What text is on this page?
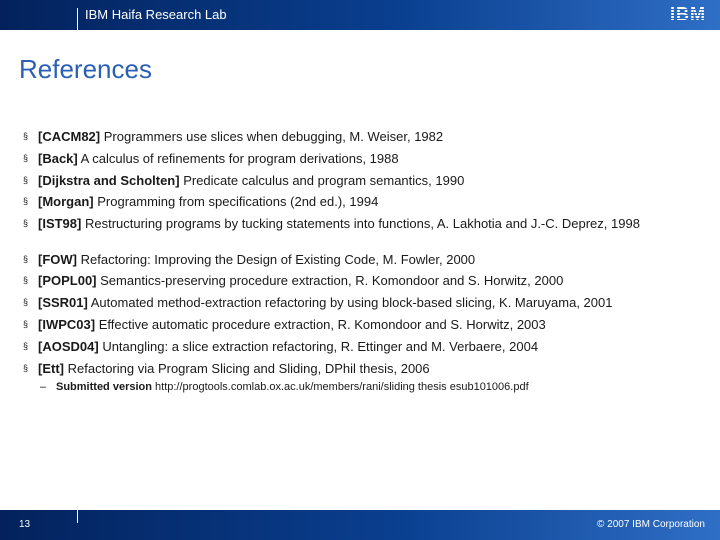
IBM Haifa Research Lab	IBM
References
§ [CACM82] Programmers use slices when debugging, M. Weiser, 1982
§ [Back] A calculus of refinements for program derivations, 1988
§ [Dijkstra and Scholten] Predicate calculus and program semantics, 1990
§ [Morgan] Programming from specifications (2nd ed.), 1994
§ [IST98] Restructuring programs by tucking statements into functions, A. Lakhotia and J.-C. Deprez, 1998
§ [FOW] Refactoring: Improving the Design of Existing Code, M. Fowler, 2000
§ [POPL00] Semantics-preserving procedure extraction, R. Komondoor and S. Horwitz, 2000
§ [SSR01] Automated method-extraction refactoring by using block-based slicing, K. Maruyama, 2001
§ [IWPC03] Effective automatic procedure extraction, R. Komondoor and S. Horwitz, 2003
§ [AOSD04] Untangling: a slice extraction refactoring, R. Ettinger and M. Verbaere, 2004
§ [Ett] Refactoring via Program Slicing and Sliding, DPhil thesis, 2006
– Submitted version http://progtools.comlab.ox.ac.uk/members/rani/sliding thesis esub101006.pdf
13	© 2007 IBM Corporation
